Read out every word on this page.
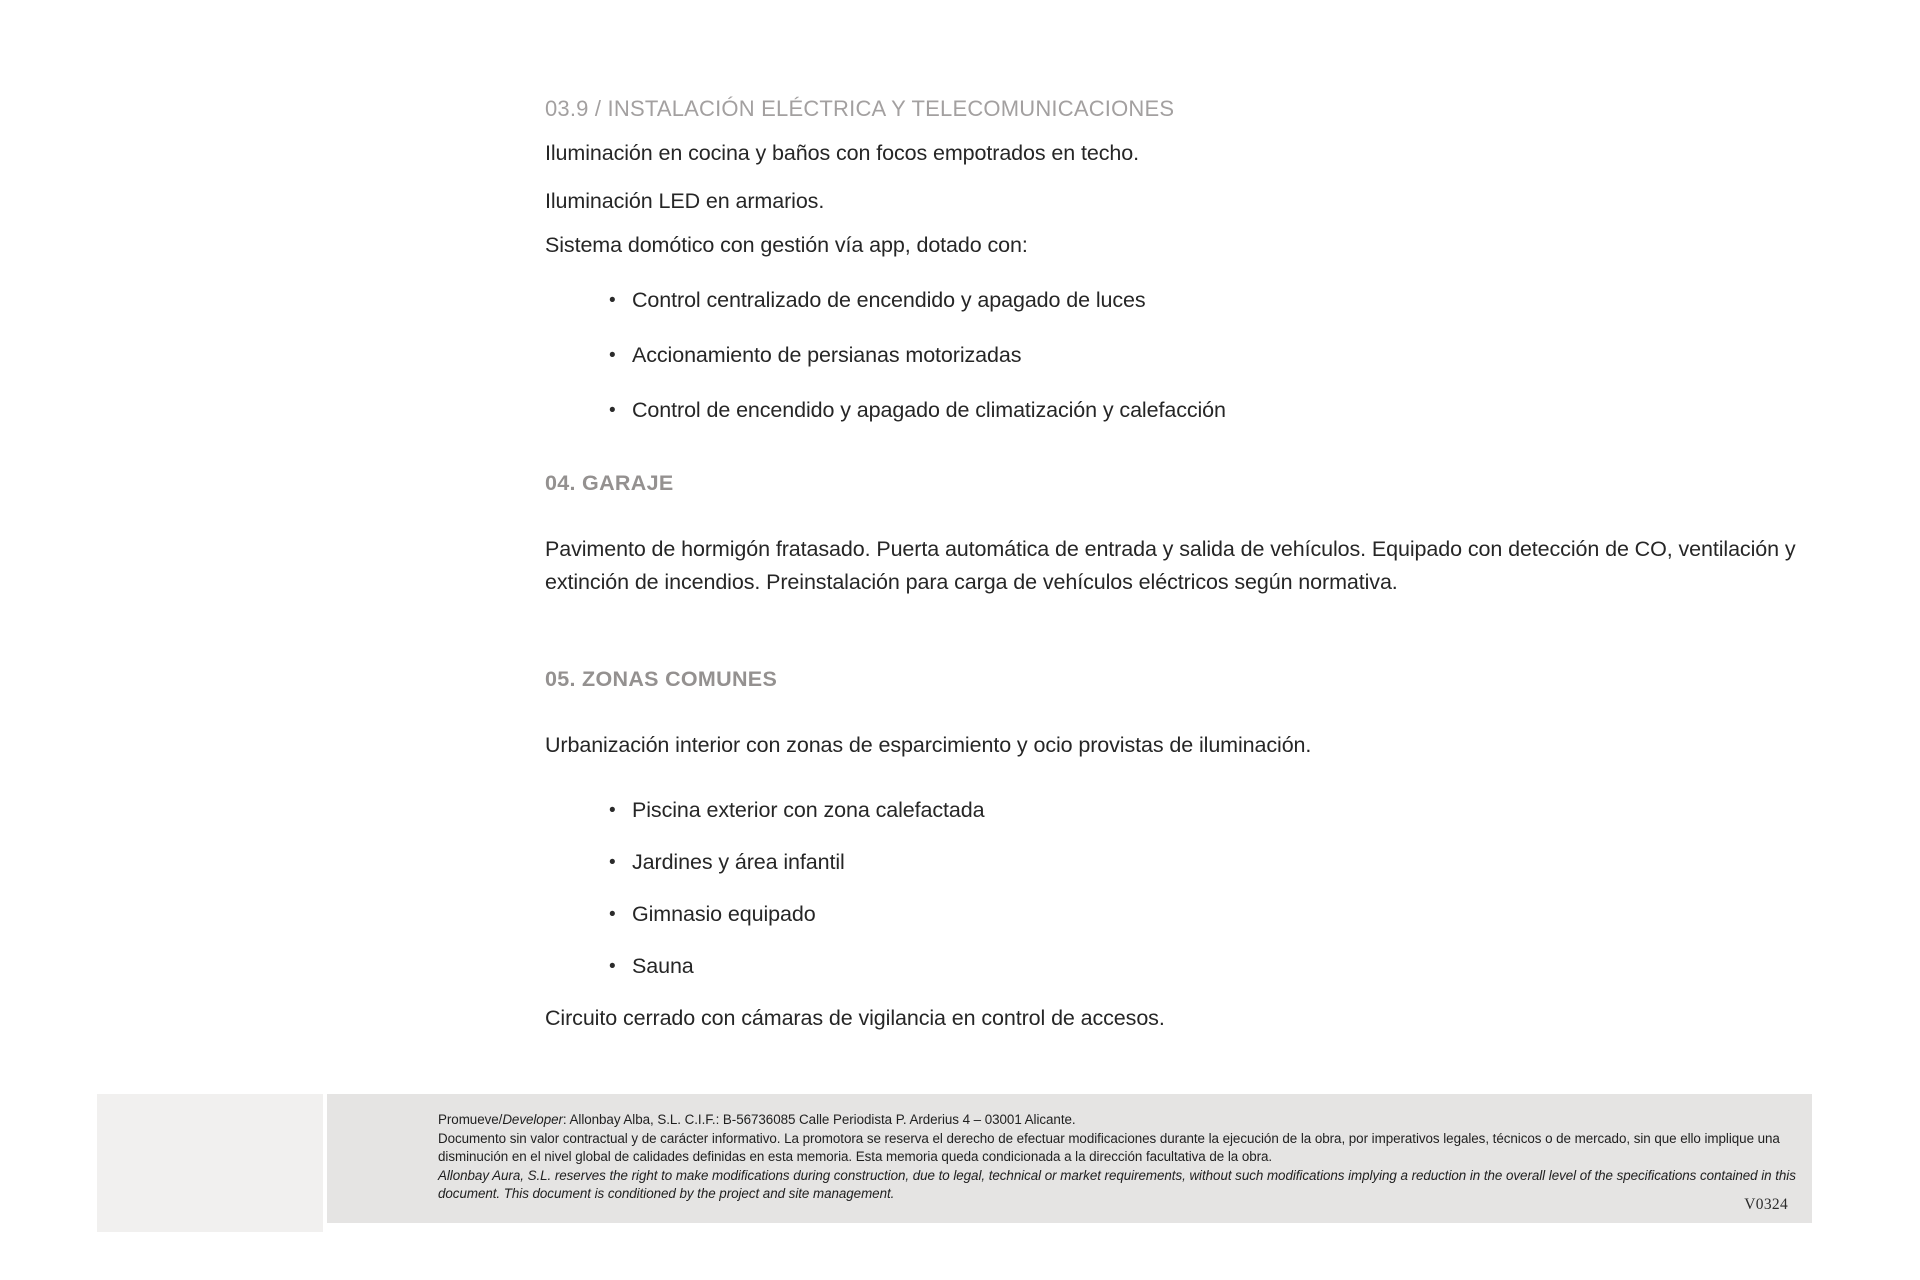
03.9 / INSTALACIÓN ELÉCTRICA Y TELECOMUNICACIONES

Iluminación en cocina y baños con focos empotrados en techo.

Iluminación LED en armarios.

Sistema domótico con gestión vía app, dotado con:

• Control centralizado de encendido y apagado de luces
• Accionamiento de persianas motorizadas
• Control de encendido y apagado de climatización y calefacción
04. GARAJE

Pavimento de hormigón fratasado. Puerta automática de entrada y salida de vehículos. Equipado con detección de CO, ventilación y extinción de incendios. Preinstalación para carga de vehículos eléctricos según normativa.

05. ZONAS COMUNES

Urbanización interior con zonas de esparcimiento y ocio provistas de iluminación.

• Piscina exterior con zona calefactada
• Jardines y área infantil
• Gimnasio equipado
• Sauna

Circuito cerrado con cámaras de vigilancia en control de accesos.

Promueve/Developer: Allonbay Alba, S.L. C.I.F.: B-56736085 Calle Periodista P. Arderius 4 – 03001 Alicante.

Documento sin valor contractual y de carácter informativo. La promotora se reserva el derecho de efectuar modificaciones durante la ejecución de la obra, por imperativos legales, técnicos o de mercado, sin que ello implique una disminución en el nivel global de calidades definidas en esta memoria. Esta memoria queda condicionada a la dirección facultativa de la obra.

Allonbay Aura, S.L. reserves the right to make modifications during construction, due to legal, technical or market requirements, without such modifications implying a reduction in the overall level of the specifications contained in this document. This document is conditioned by the project and site management.

V0324
